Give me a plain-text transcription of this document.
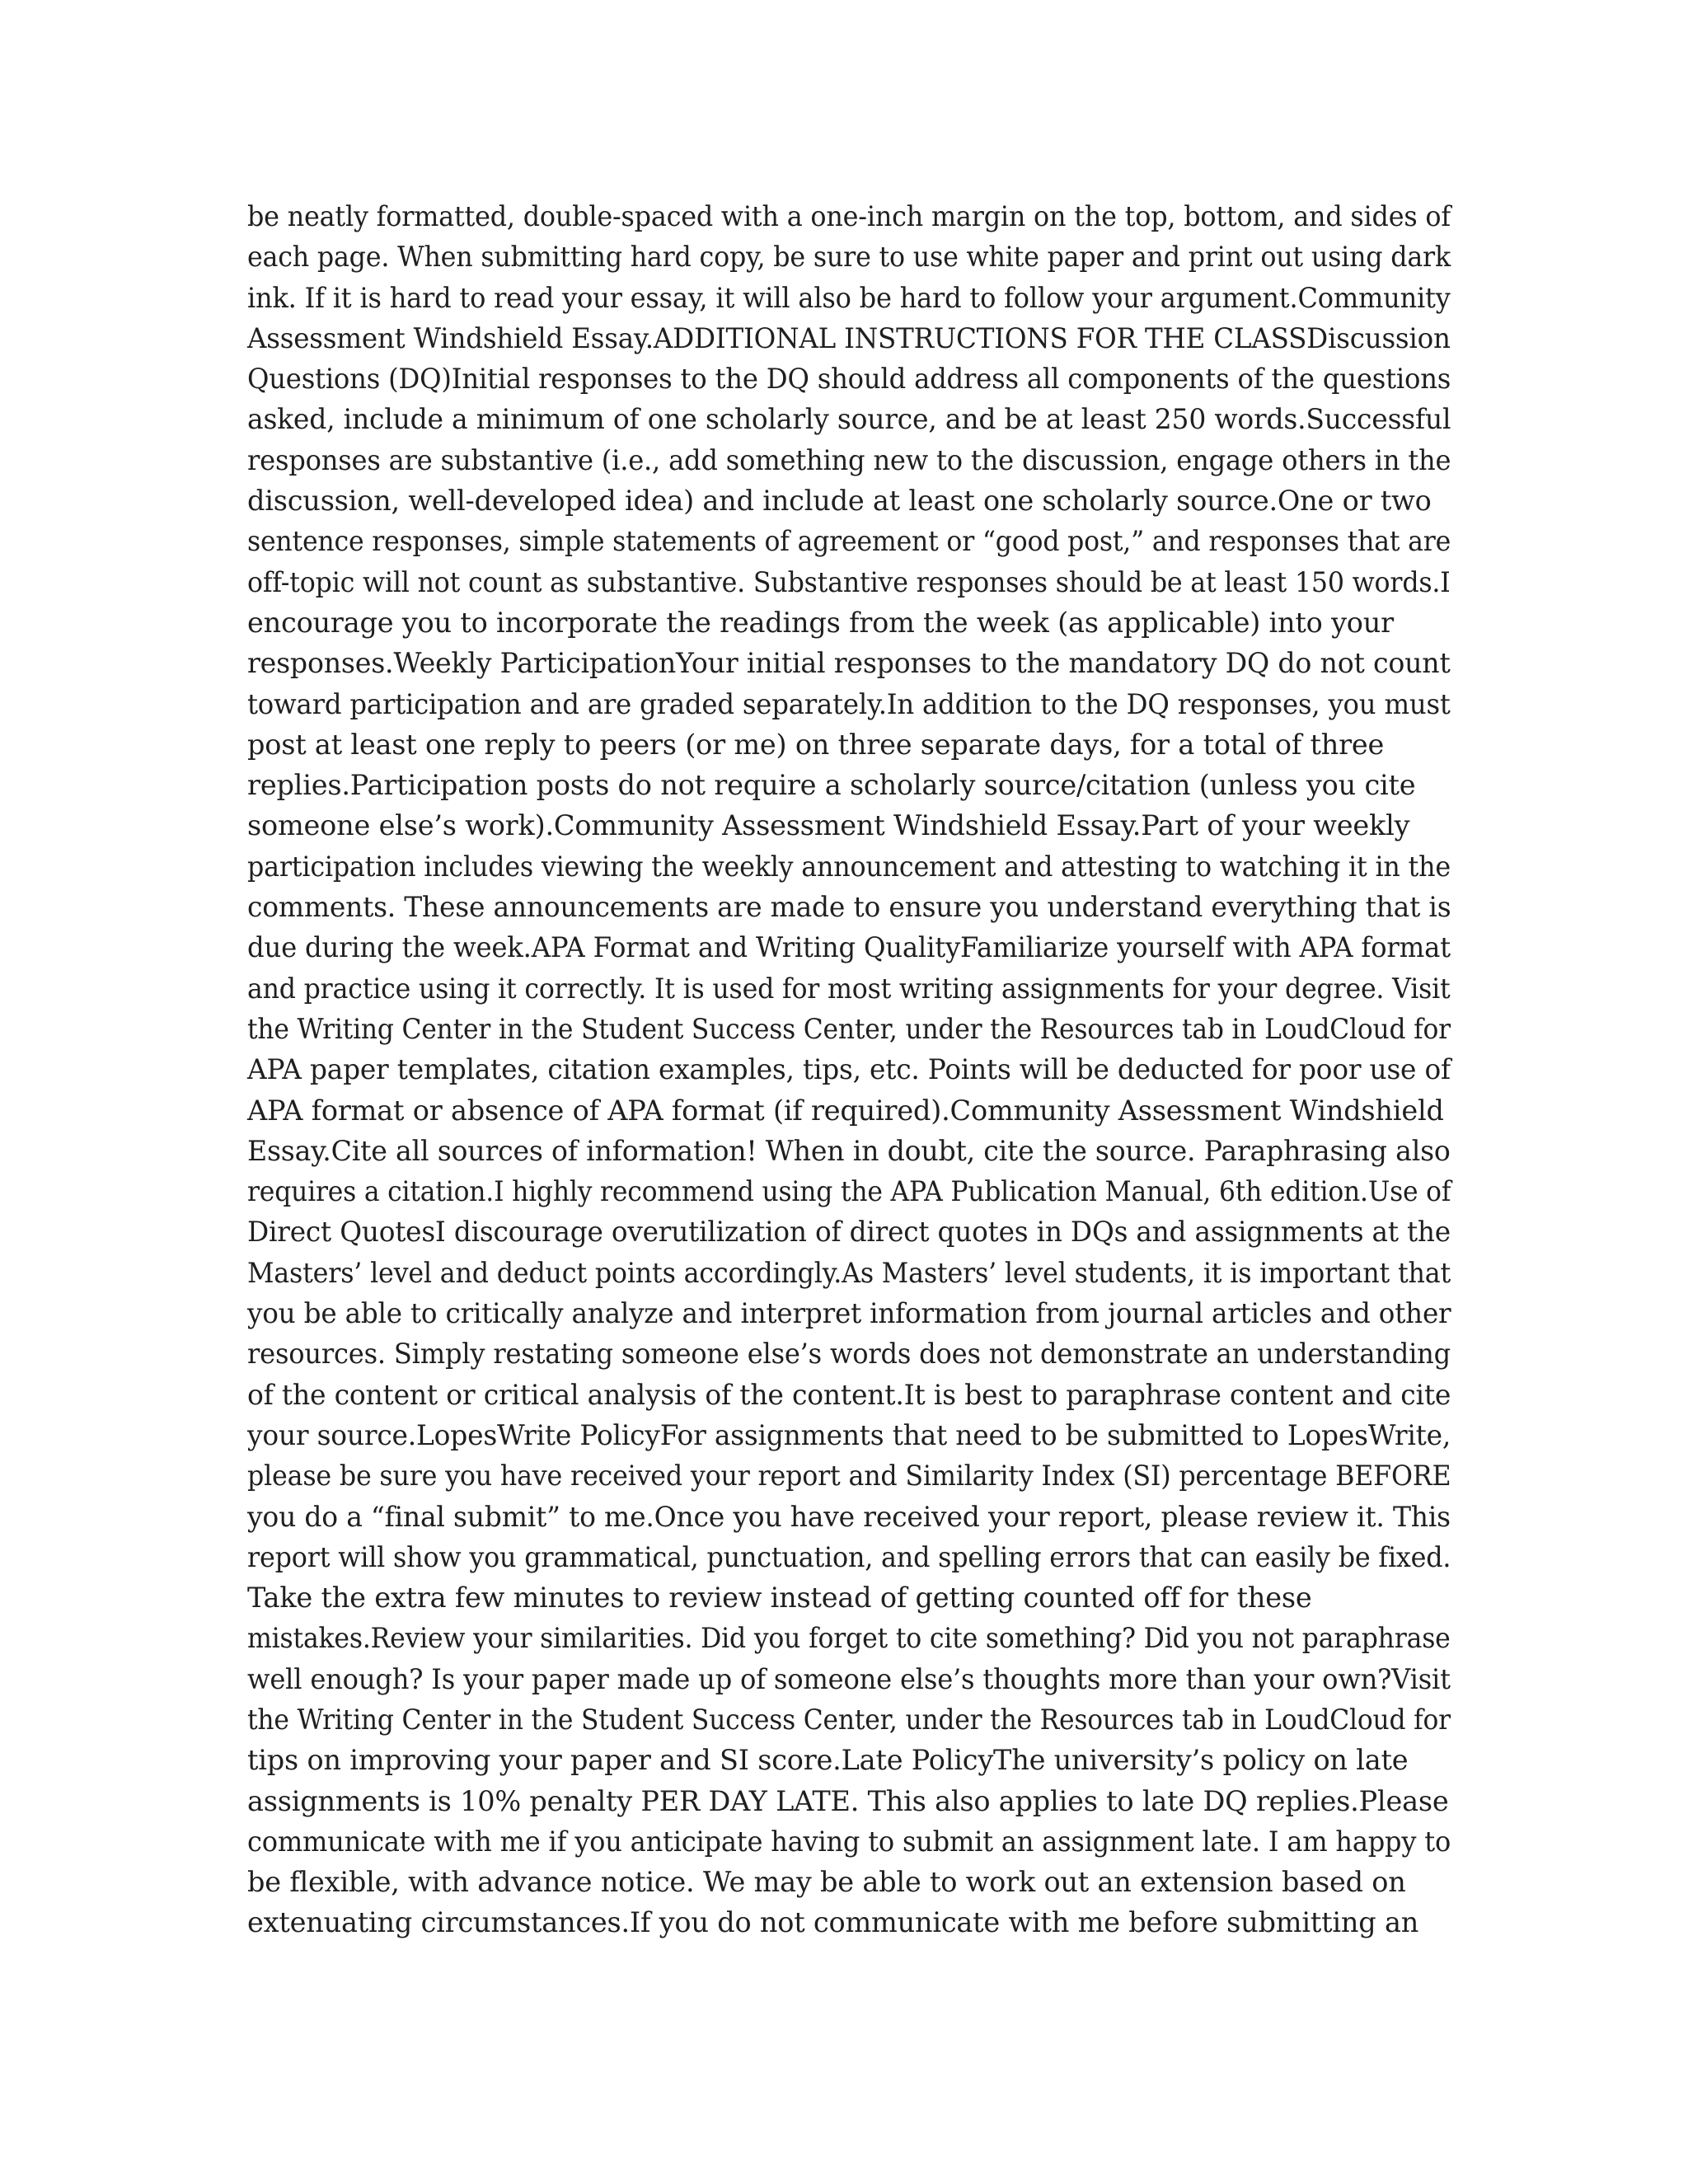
be neatly formatted, double-spaced with a one-inch margin on the top, bottom, and sides of
each page. When submitting hard copy, be sure to use white paper and print out using dark
ink. If it is hard to read your essay, it will also be hard to follow your argument.Community
Assessment Windshield Essay.ADDITIONAL INSTRUCTIONS FOR THE CLASSDiscussion
Questions (DQ)Initial responses to the DQ should address all components of the questions
asked, include a minimum of one scholarly source, and be at least 250 words.Successful
responses are substantive (i.e., add something new to the discussion, engage others in the
discussion, well-developed idea) and include at least one scholarly source.One or two
sentence responses, simple statements of agreement or “good post,” and responses that are
off-topic will not count as substantive. Substantive responses should be at least 150 words.I
encourage you to incorporate the readings from the week (as applicable) into your
responses.Weekly ParticipationYour initial responses to the mandatory DQ do not count
toward participation and are graded separately.In addition to the DQ responses, you must
post at least one reply to peers (or me) on three separate days, for a total of three
replies.Participation posts do not require a scholarly source/citation (unless you cite
someone else’s work).Community Assessment Windshield Essay.Part of your weekly
participation includes viewing the weekly announcement and attesting to watching it in the
comments. These announcements are made to ensure you understand everything that is
due during the week.APA Format and Writing QualityFamiliarize yourself with APA format
and practice using it correctly. It is used for most writing assignments for your degree. Visit
the Writing Center in the Student Success Center, under the Resources tab in LoudCloud for
APA paper templates, citation examples, tips, etc. Points will be deducted for poor use of
APA format or absence of APA format (if required).Community Assessment Windshield
Essay.Cite all sources of information! When in doubt, cite the source. Paraphrasing also
requires a citation.I highly recommend using the APA Publication Manual, 6th edition.Use of
Direct QuotesI discourage overutilization of direct quotes in DQs and assignments at the
Masters’ level and deduct points accordingly.As Masters’ level students, it is important that
you be able to critically analyze and interpret information from journal articles and other
resources. Simply restating someone else’s words does not demonstrate an understanding
of the content or critical analysis of the content.It is best to paraphrase content and cite
your source.LopesWrite PolicyFor assignments that need to be submitted to LopesWrite,
please be sure you have received your report and Similarity Index (SI) percentage BEFORE
you do a “final submit” to me.Once you have received your report, please review it. This
report will show you grammatical, punctuation, and spelling errors that can easily be fixed.
Take the extra few minutes to review instead of getting counted off for these
mistakes.Review your similarities. Did you forget to cite something? Did you not paraphrase
well enough? Is your paper made up of someone else’s thoughts more than your own?Visit
the Writing Center in the Student Success Center, under the Resources tab in LoudCloud for
tips on improving your paper and SI score.Late PolicyThe university’s policy on late
assignments is 10% penalty PER DAY LATE. This also applies to late DQ replies.Please
communicate with me if you anticipate having to submit an assignment late. I am happy to
be flexible, with advance notice. We may be able to work out an extension based on
extenuating circumstances.If you do not communicate with me before submitting an
